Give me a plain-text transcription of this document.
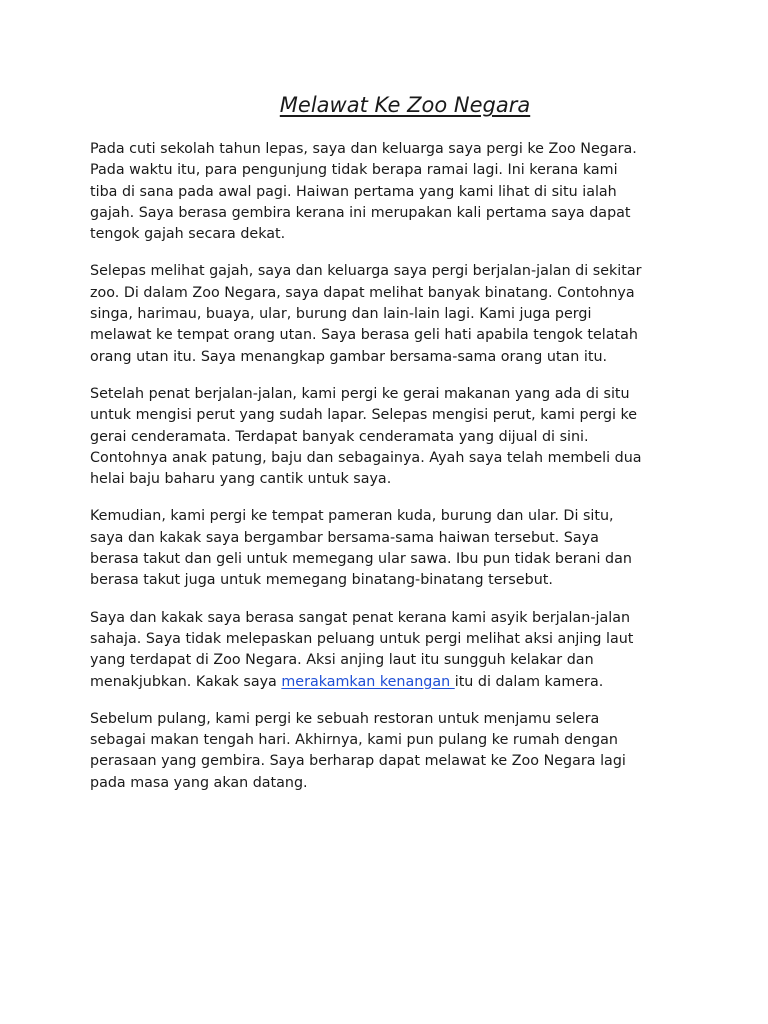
Melawat Ke Zoo Negara

Pada cuti sekolah tahun lepas, saya dan keluarga saya pergi ke Zoo Negara.
Pada waktu itu, para pengunjung tidak berapa ramai lagi. Ini kerana kami
tiba di sana pada awal pagi. Haiwan pertama yang kami lihat di situ ialah
gajah. Saya berasa gembira kerana ini merupakan kali pertama saya dapat
tengok gajah secara dekat.

Selepas melihat gajah, saya dan keluarga saya pergi berjalan-jalan di sekitar
zoo. Di dalam Zoo Negara, saya dapat melihat banyak binatang. Contohnya
singa, harimau, buaya, ular, burung dan lain-lain lagi. Kami juga pergi
melawat ke tempat orang utan. Saya berasa geli hati apabila tengok telatah
orang utan itu. Saya menangkap gambar bersama-sama orang utan itu.

Setelah penat berjalan-jalan, kami pergi ke gerai makanan yang ada di situ
untuk mengisi perut yang sudah lapar. Selepas mengisi perut, kami pergi ke
gerai cenderamata. Terdapat banyak cenderamata yang dijual di sini.
Contohnya anak patung, baju dan sebagainya. Ayah saya telah membeli dua
helai baju baharu yang cantik untuk saya.

Kemudian, kami pergi ke tempat pameran kuda, burung dan ular. Di situ,
saya dan kakak saya bergambar bersama-sama haiwan tersebut. Saya
berasa takut dan geli untuk memegang ular sawa. Ibu pun tidak berani dan
berasa takut juga untuk memegang binatang-binatang tersebut.

Saya dan kakak saya berasa sangat penat kerana kami asyik berjalan-jalan
sahaja. Saya tidak melepaskan peluang untuk pergi melihat aksi anjing laut
yang terdapat di Zoo Negara. Aksi anjing laut itu sungguh kelakar dan
menakjubkan. Kakak saya merakamkan kenangan itu di dalam kamera.

Sebelum pulang, kami pergi ke sebuah restoran untuk menjamu selera
sebagai makan tengah hari. Akhirnya, kami pun pulang ke rumah dengan
perasaan yang gembira. Saya berharap dapat melawat ke Zoo Negara lagi
pada masa yang akan datang.
